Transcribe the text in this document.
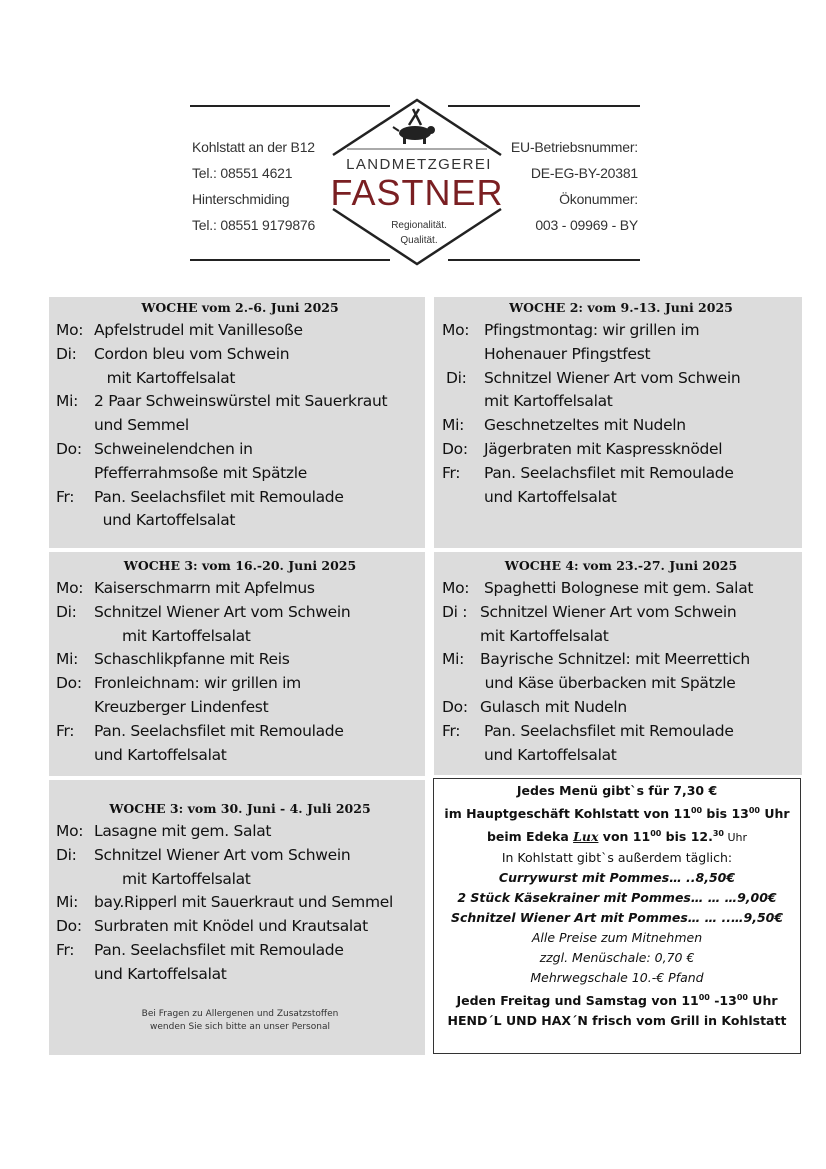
Kohlstatt an der B12
Tel.: 08551 4621
Hinterschmiding
Tel.: 08551 9179876
EU-Betriebsnummer:
DE-EG-BY-20381
Ökonummer:
003 - 09969 - BY
LANDMETZGEREI
FASTNER
Regionalität.
Qualität.
WOCHE vom 2.-6. Juni 2025
Mo: Apfelstrudel mit Vanillesoße
Di: Cordon bleu vom Schwein
mit Kartoffelsalat
Mi: 2 Paar Schweinswürstel mit Sauerkraut
und Semmel
Do: Schweinelendchen in
Pfefferrahmsoße mit Spätzle
Fr: Pan. Seelachsfilet mit Remoulade
und Kartoffelsalat
WOCHE 2: vom 9.-13. Juni 2025
Mo: Pfingstmontag: wir grillen im
Hohenauer Pfingstfest
Di: Schnitzel Wiener Art vom Schwein
mit Kartoffelsalat
Mi: Geschnetzeltes mit Nudeln
Do: Jägerbraten mit Kaspressknödel
Fr: Pan. Seelachsfilet mit Remoulade
und Kartoffelsalat
WOCHE 3: vom 16.-20. Juni 2025
Mo: Kaiserschmarrn mit Apfelmus
Di: Schnitzel Wiener Art vom Schwein
mit Kartoffelsalat
Mi: Schaschlikpfanne mit Reis
Do: Fronleichnam: wir grillen im
Kreuzberger Lindenfest
Fr: Pan. Seelachsfilet mit Remoulade
und Kartoffelsalat
WOCHE 4: vom 23.-27. Juni 2025
Mo: Spaghetti Bolognese mit gem. Salat
Di : Schnitzel Wiener Art vom Schwein
mit Kartoffelsalat
Mi: Bayrische Schnitzel: mit Meerrettich
und Käse überbacken mit Spätzle
Do: Gulasch mit Nudeln
Fr: Pan. Seelachsfilet mit Remoulade
und Kartoffelsalat
WOCHE 3: vom 30. Juni - 4. Juli 2025
Mo: Lasagne mit gem. Salat
Di: Schnitzel Wiener Art vom Schwein
mit Kartoffelsalat
Mi: bay.Ripperl mit Sauerkraut und Semmel
Do: Surbraten mit Knödel und Krautsalat
Fr: Pan. Seelachsfilet mit Remoulade
und Kartoffelsalat
Bei Fragen zu Allergenen und Zusatzstoffen
wenden Sie sich bitte an unser Personal
Jedes Menü gibt`s für 7,30 €
im Hauptgeschäft Kohlstatt von $11^{00}$ bis $13^{00}$ Uhr
beim Edeka Lux von $11^{00}$ bis 12.30 Uhr
In Kohlstatt gibt`s außerdem täglich:
Currywurst mit Pommes… ..8,50€
2 Stück Käsekrainer mit Pommes… … …9,00€
Schnitzel Wiener Art mit Pommes… … ..…9,50€
Alle Preise zum Mitnehmen
zzgl. Menüschale: 0,70 €
Mehrwegschale 10.-€ Pfand
Jeden Freitag und Samstag von $11^{00}$ $-13^{00}$ Uhr
HEND´L UND HAX´N frisch vom Grill in Kohlstatt
